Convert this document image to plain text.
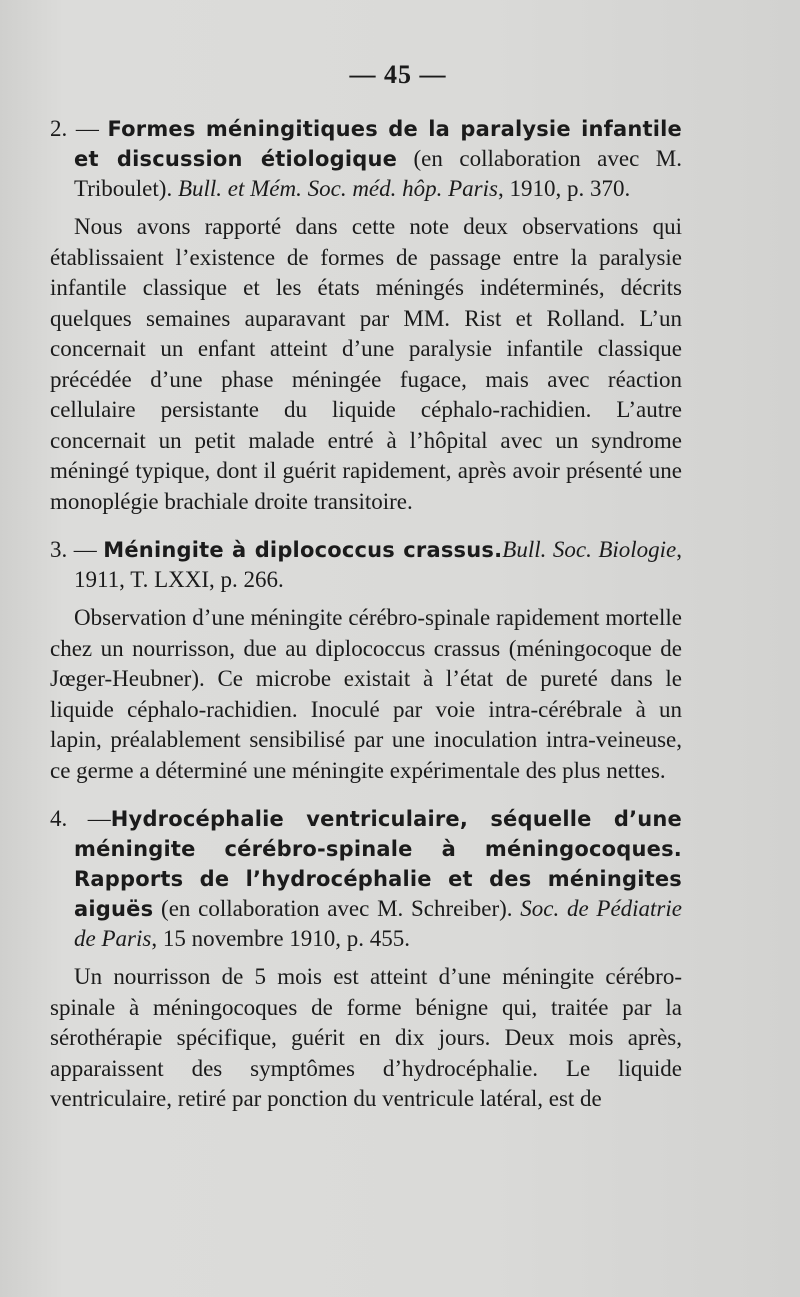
— 45 —
2. — Formes méningitiques de la paralysie infantile et discussion étiologique (en collaboration avec M. Triboulet). Bull. et Mém. Soc. méd. hôp. Paris, 1910, p. 370.
Nous avons rapporté dans cette note deux observations qui établissaient l’existence de formes de passage entre la paralysie infantile classique et les états méningés indéterminés, décrits quelques semaines auparavant par MM. Rist et Rolland. L’un concernait un enfant atteint d’une paralysie infantile classique précédée d’une phase méningée fugace, mais avec réaction cellulaire persistante du liquide céphalo-rachidien. L’autre concernait un petit malade entré à l’hôpital avec un syndrome méningé typique, dont il guérit rapidement, après avoir présenté une monoplégie brachiale droite transitoire.
3. — Méningite à diplococcus crassus.Bull. Soc. Biologie, 1911, T. LXXI, p. 266.
Observation d’une méningite cérébro-spinale rapidement mortelle chez un nourrisson, due au diplococcus crassus (méningocoque de Jœger-Heubner). Ce microbe existait à l’état de pureté dans le liquide céphalo-rachidien. Inoculé par voie intra-cérébrale à un lapin, préalablement sensibilisé par une inoculation intra-veineuse, ce germe a déterminé une méningite expérimentale des plus nettes.
4. —Hydrocéphalie ventriculaire, séquelle d’une méningite cérébro-spinale à méningocoques. Rapports de l’hydrocéphalie et des méningites aiguës (en collaboration avec M. Schreiber). Soc. de Pédiatrie de Paris, 15 novembre 1910, p. 455.
Un nourrisson de 5 mois est atteint d’une méningite cérébro-spinale à méningocoques de forme bénigne qui, traitée par la sérothérapie spécifique, guérit en dix jours. Deux mois après, apparaissent des symptômes d’hydrocéphalie. Le liquide ventriculaire, retiré par ponction du ventricule latéral, est de
